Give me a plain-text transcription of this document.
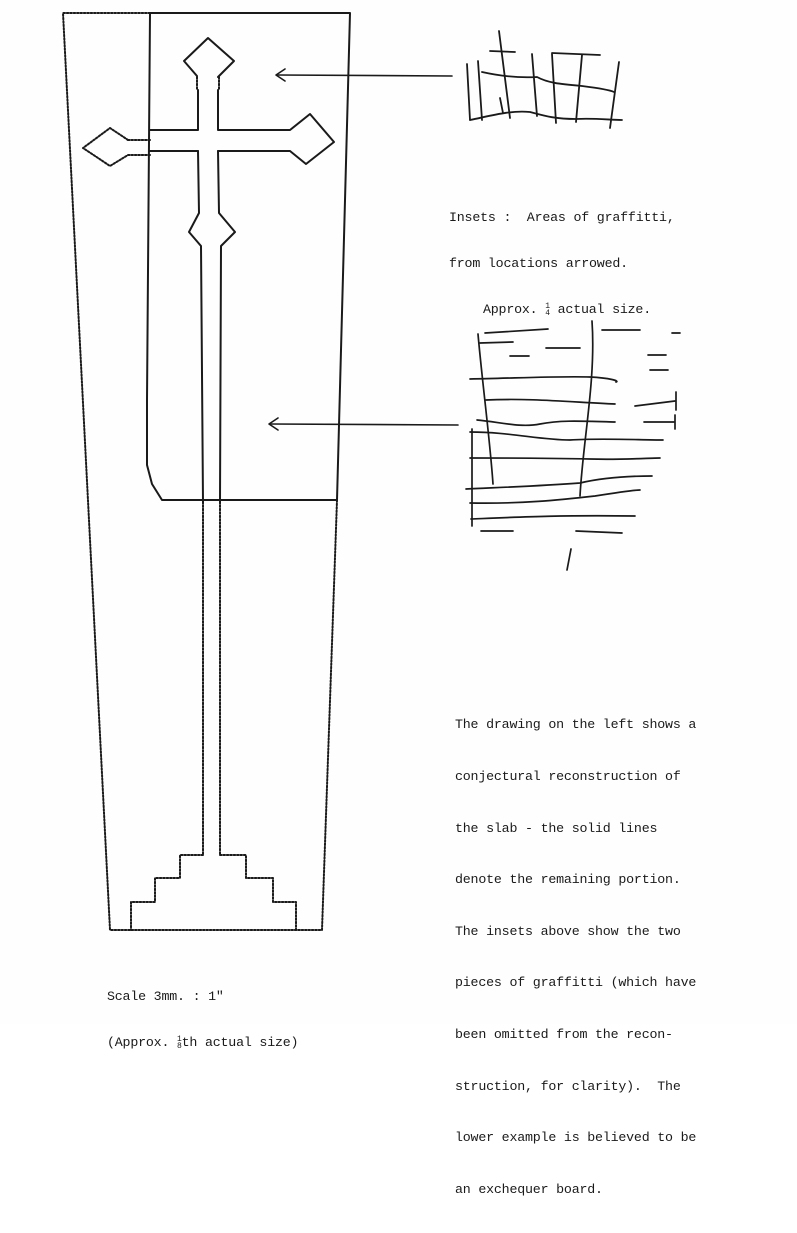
Insets :  Areas of graffitti,

from locations arrowed.

Approx. 1
4 actual size.

The drawing on the left shows a

conjectural reconstruction of

the slab - the solid lines

denote the remaining portion.

The insets above show the two

pieces of graffitti (which have

been omitted from the recon-

struction, for clarity).  The

lower example is believed to be

an exchequer board.

Scale 3mm. : 1"

(Approx. 1
8th actual size)
